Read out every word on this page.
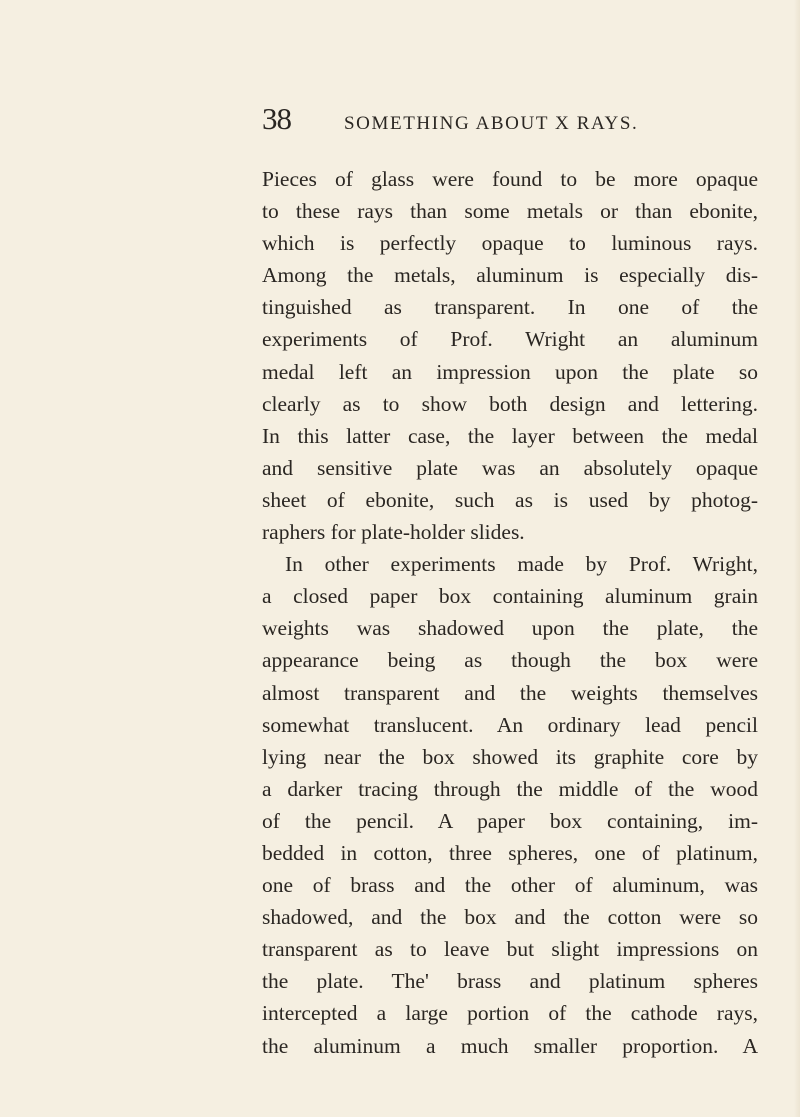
38	SOMETHING ABOUT X RAYS.
Pieces of glass were found to be more opaque
to these rays than some metals or than ebonite,
which is perfectly opaque to luminous rays.
Among the metals, aluminum is especially dis-
tinguished as transparent. In one of the
experiments of Prof. Wright an aluminum
medal left an impression upon the plate so
clearly as to show both design and lettering.
In this latter case, the layer between the medal
and sensitive plate was an absolutely opaque
sheet of ebonite, such as is used by photog-
raphers for plate-holder slides.
In other experiments made by Prof. Wright,
a closed paper box containing aluminum grain
weights was shadowed upon the plate, the
appearance being as though the box were
almost transparent and the weights themselves
somewhat translucent. An ordinary lead pencil
lying near the box showed its graphite core by
a darker tracing through the middle of the wood
of the pencil. A paper box containing, im-
bedded in cotton, three spheres, one of platinum,
one of brass and the other of aluminum, was
shadowed, and the box and the cotton were so
transparent as to leave but slight impressions on
the plate. The' brass and platinum spheres
intercepted a large portion of the cathode rays,
the aluminum a much smaller proportion. A
